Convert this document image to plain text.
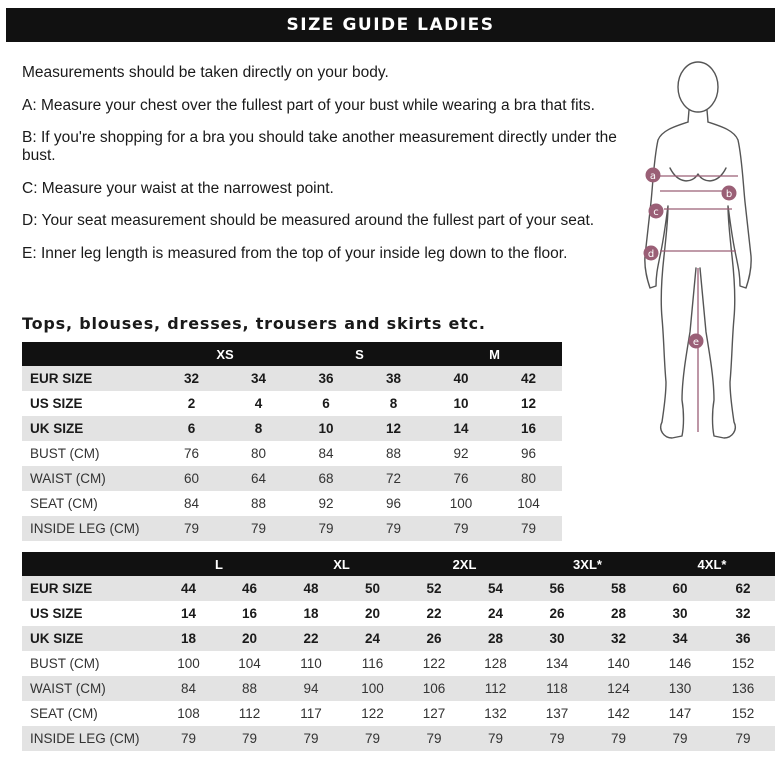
SIZE GUIDE LADIES

Measurements should be taken directly on your body.

A: Measure your chest over the fullest part of your bust while wearing a bra that fits.

B: If you're shopping for a bra you should take another measurement directly under the bust.

C: Measure your waist at the narrowest point.

D: Your seat measurement should be measured around the fullest part of your seat.

E: Inner leg length is measured from the top of your inside leg down to the floor.

a
b
c
d
e
Tops, blouses, dresses, trousers and skirts etc.
	XS		S		M	
EUR SIZE	32	34	36	38	40	42
US SIZE	2	4	6	8	10	12
UK SIZE	6	8	10	12	14	16
BUST (CM)	76	80	84	88	92	96
WAIST (CM)	60	64	68	72	76	80
SEAT (CM)	84	88	92	96	100	104
INSIDE LEG (CM)	79	79	79	79	79	79
	L		XL		2XL		3XL*		4XL*	
EUR SIZE	44	46	48	50	52	54	56	58	60	62
US SIZE	14	16	18	20	22	24	26	28	30	32
UK SIZE	18	20	22	24	26	28	30	32	34	36
BUST (CM)	100	104	110	116	122	128	134	140	146	152
WAIST (CM)	84	88	94	100	106	112	118	124	130	136
SEAT (CM)	108	112	117	122	127	132	137	142	147	152
INSIDE LEG (CM)	79	79	79	79	79	79	79	79	79	79
